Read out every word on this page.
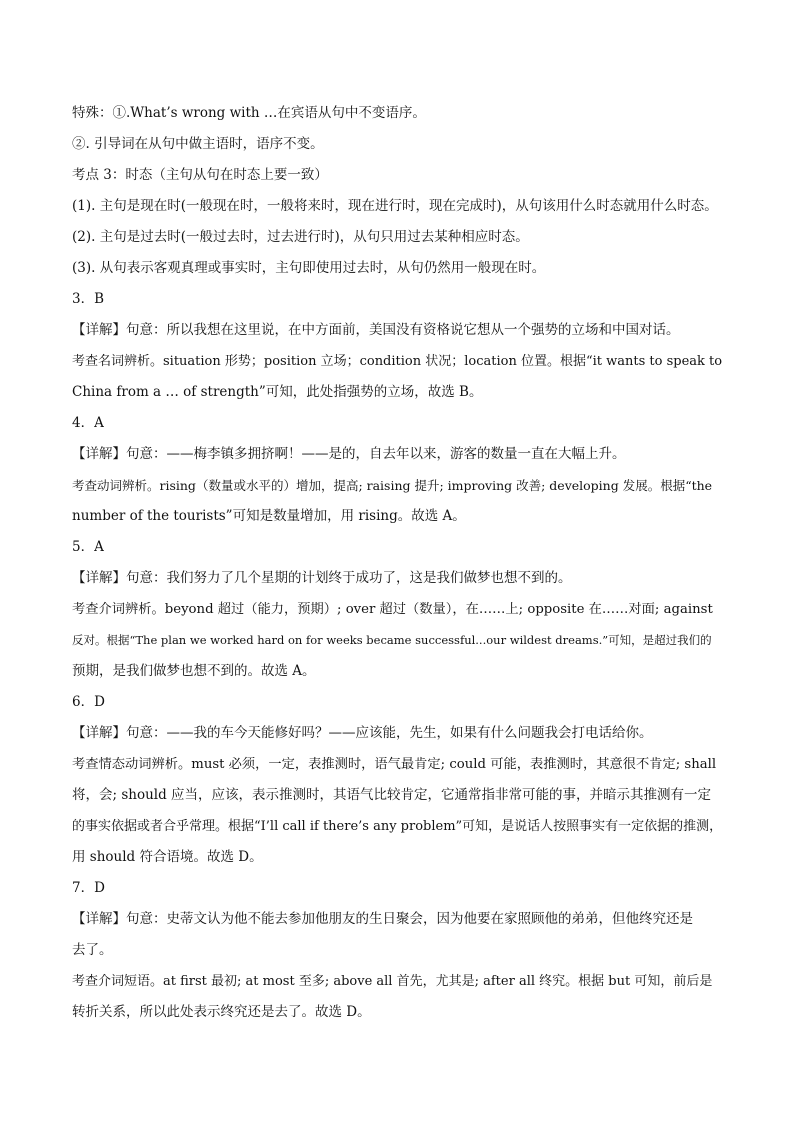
特殊：①.What’s wrong with …在宾语从句中不变语序。

②. 引导词在从句中做主语时，语序不变。

考点 3：时态（主句从句在时态上要一致）

(1). 主句是现在时(一般现在时，一般将来时，现在进行时，现在完成时)，从句该用什么时态就用什么时态。

(2). 主句是过去时(一般过去时，过去进行时)，从句只用过去某种相应时态。

(3). 从句表示客观真理或事实时，主句即使用过去时，从句仍然用一般现在时。

3．B

【详解】句意：所以我想在这里说，在中方面前，美国没有资格说它想从一个强势的立场和中国对话。

考查名词辨析。situation 形势；position 立场；condition 状况；location 位置。根据“it wants to speak to

China from a … of strength”可知，此处指强势的立场，故选 B。

4．A

【详解】句意：——梅李镇多拥挤啊！——是的，自去年以来，游客的数量一直在大幅上升。

考查动词辨析。rising（数量或水平的）增加，提高; raising 提升; improving 改善; developing 发展。根据“the

number of the tourists”可知是数量增加，用 rising。故选 A。

5．A

【详解】句意：我们努力了几个星期的计划终于成功了，这是我们做梦也想不到的。

考查介词辨析。beyond 超过（能力，预期）; over 超过（数量），在……上; opposite 在……对面; against

反对。根据“The plan we worked hard on for weeks became successful...our wildest dreams.”可知，是超过我们的

预期，是我们做梦也想不到的。故选 A。

6．D

【详解】句意：——我的车今天能修好吗？——应该能，先生，如果有什么问题我会打电话给你。

考查情态动词辨析。must 必须，一定，表推测时，语气最肯定; could 可能，表推测时，其意很不肯定; shall

将，会; should 应当，应该，表示推测时，其语气比较肯定，它通常指非常可能的事，并暗示其推测有一定

的事实依据或者合乎常理。根据“I’ll call if there’s any problem”可知，是说话人按照事实有一定依据的推测，

用 should 符合语境。故选 D。

7．D

【详解】句意：史蒂文认为他不能去参加他朋友的生日聚会，因为他要在家照顾他的弟弟，但他终究还是

去了。

考查介词短语。at first 最初; at most 至多; above all 首先，尤其是; after all 终究。根据 but 可知，前后是

转折关系，所以此处表示终究还是去了。故选 D。
